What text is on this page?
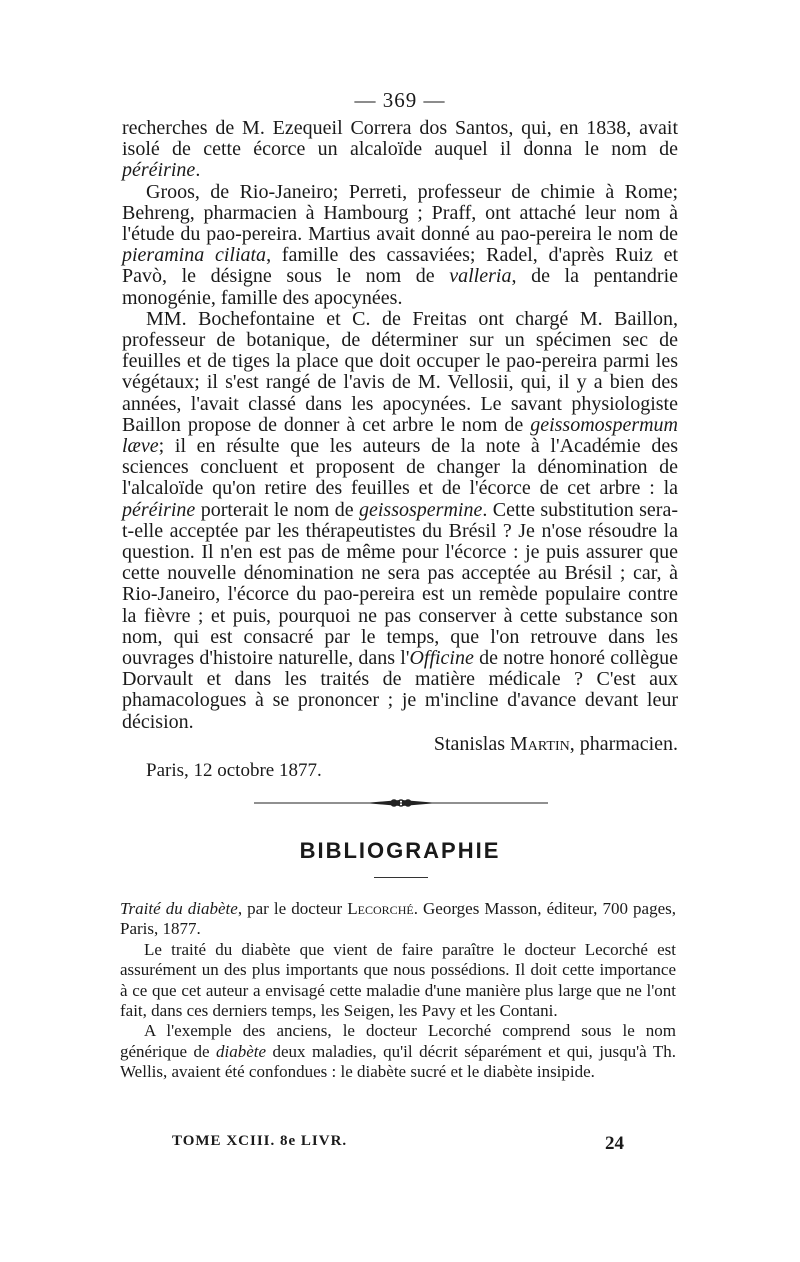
— 369 —

recherches de M. Ezequeil Correra dos Santos, qui, en 1838, avait isolé de cette écorce un alcaloïde auquel il donna le nom de péréirine.

Groos, de Rio-Janeiro; Perreti, professeur de chimie à Rome; Behreng, pharmacien à Hambourg ; Praff, ont attaché leur nom à l'étude du pao-pereira. Martius avait donné au pao-pereira le nom de pieramina ciliata, famille des cassaviées; Radel, d'après Ruiz et Pavò, le désigne sous le nom de valleria, de la pentandrie monogénie, famille des apocynées.

MM. Bochefontaine et C. de Freitas ont chargé M. Baillon, professeur de botanique, de déterminer sur un spécimen sec de feuilles et de tiges la place que doit occuper le pao-pereira parmi les végétaux; il s'est rangé de l'avis de M. Vellosii, qui, il y a bien des années, l'avait classé dans les apocynées. Le savant physiologiste Baillon propose de donner à cet arbre le nom de geissomospermum læve; il en résulte que les auteurs de la note à l'Académie des sciences concluent et proposent de changer la dénomination de l'alcaloïde qu'on retire des feuilles et de l'écorce de cet arbre : la péréirine porterait le nom de geissospermine. Cette substitution sera-t-elle acceptée par les thérapeutistes du Brésil ? Je n'ose résoudre la question. Il n'en est pas de même pour l'écorce : je puis assurer que cette nouvelle dénomination ne sera pas acceptée au Brésil ; car, à Rio-Janeiro, l'écorce du pao-pereira est un remède populaire contre la fièvre ; et puis, pourquoi ne pas conserver à cette substance son nom, qui est consacré par le temps, que l'on retrouve dans les ouvrages d'histoire naturelle, dans l'Officine de notre honoré collègue Dorvault et dans les traités de matière médicale ? C'est aux phamacologues à se prononcer ; je m'incline d'avance devant leur décision.

Stanislas Martin, pharmacien.
Paris, 12 octobre 1877.
BIBLIOGRAPHIE

Traité du diabète, par le docteur Lecorché. Georges Masson, éditeur, 700 pages, Paris, 1877.

Le traité du diabète que vient de faire paraître le docteur Lecorché est assurément un des plus importants que nous possédions. Il doit cette importance à ce que cet auteur a envisagé cette maladie d'une manière plus large que ne l'ont fait, dans ces derniers temps, les Seigen, les Pavy et les Contani.

A l'exemple des anciens, le docteur Lecorché comprend sous le nom générique de diabète deux maladies, qu'il décrit séparément et qui, jusqu'à Th. Wellis, avaient été confondues : le diabète sucré et le diabète insipide.

TOME XCIII. 8e LIVR.	24
